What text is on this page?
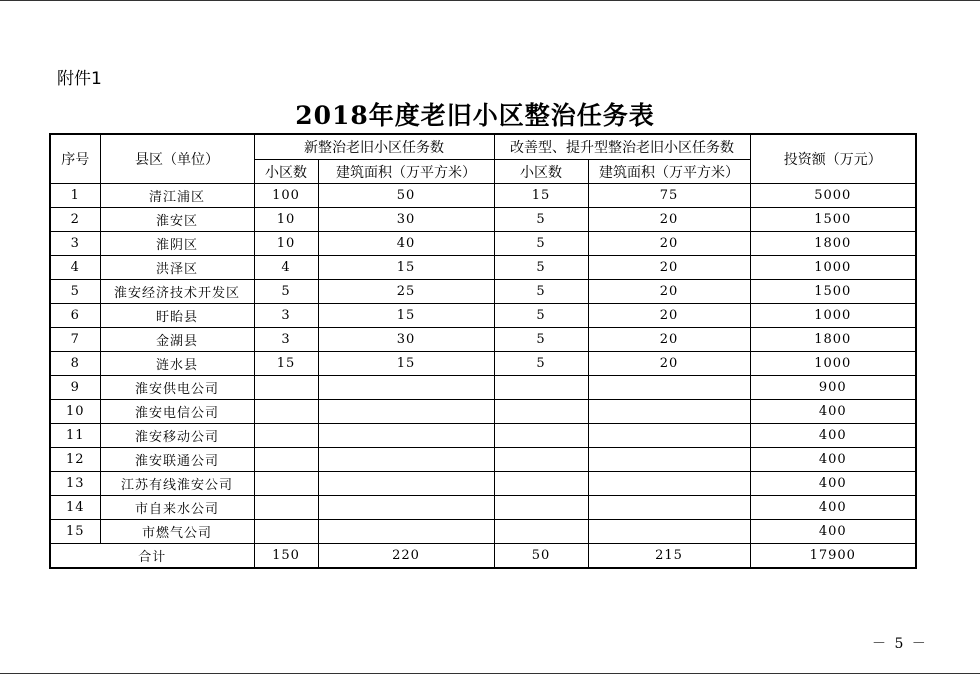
附件1
2018年度老旧小区整治任务表
序号	县区（单位）	新整治老旧小区任务数		改善型、提升型整治老旧小区任务数		投资额（万元）
		小区数	建筑面积（万平方米）	小区数	建筑面积（万平方米）	
1	清江浦区	100	50	15	75	5000
2	淮安区	10	30	5	20	1500
3	淮阴区	10	40	5	20	1800
4	洪泽区	4	15	5	20	1000
5	淮安经济技术开发区	5	25	5	20	1500
6	盱眙县	3	15	5	20	1000
7	金湖县	3	30	5	20	1800
8	涟水县	15	15	5	20	1000
9	淮安供电公司					900
10	淮安电信公司					400
11	淮安移动公司					400
12	淮安联通公司					400
13	江苏有线淮安公司					400
14	市自来水公司					400
15	市燃气公司					400
合计		150	220	50	215	17900
－ 5 －
